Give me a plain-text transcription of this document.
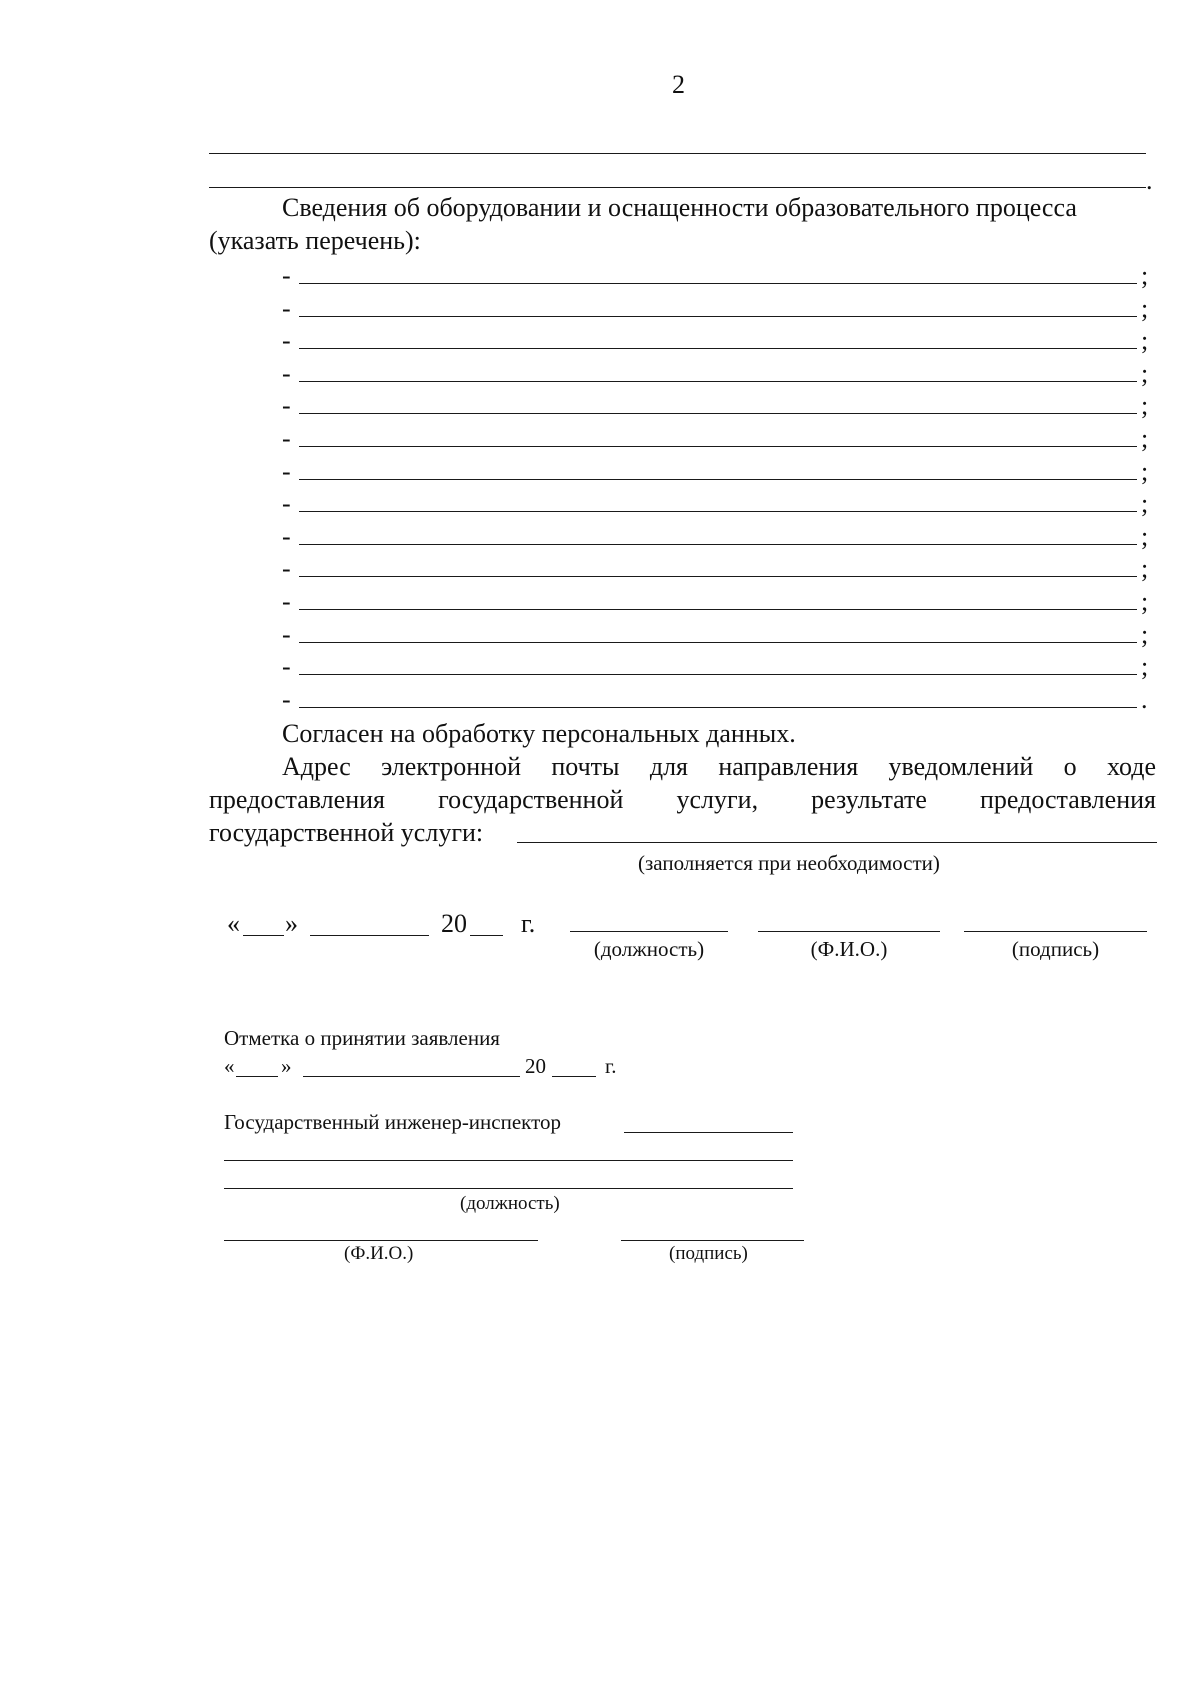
2
.
Сведения об оборудовании и оснащенности образовательного процесса
(указать перечень):
-	;
-	;
-	;
-	;
-	;
-	;
-	;
-	;
-	;
-	;
-	;
-	;
-	;
-	.
Согласен на обработку персональных данных.
Адрес электронной почты для направления уведомлений о ходе
предоставления государственной услуги, результате предоставления
государственной услуги:
(заполняется при необходимости)
« »	20 г.
(должность)	(Ф.И.О.)	(подпись)
Отметка о принятии заявления
« »	20	г.
Государственный инженер-инспектор
(должность)
(Ф.И.О.)	(подпись)
